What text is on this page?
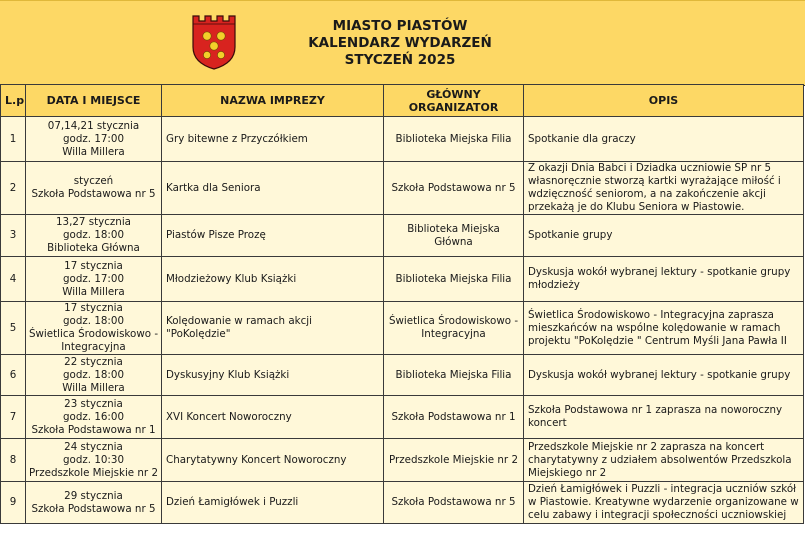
MIASTO PIASTÓW
KALENDARZ WYDARZEŃ
STYCZEŃ 2025
L.p	DATA I MIEJSCE	NAZWA IMPREZY	GŁÓWNY ORGANIZATOR	OPIS
1	07,14,21 stycznia
godz. 17:00
Willa Millera	Gry bitewne z Przyczółkiem	Biblioteka Miejska Filia	Spotkanie dla graczy
2	styczeń
Szkoła Podstawowa nr 5	Kartka dla Seniora	Szkoła Podstawowa nr 5	Z okazji Dnia Babci i Dziadka uczniowie SP nr 5 własnoręcznie stworzą kartki wyrażające miłość i wdzięczność seniorom, a na zakończenie akcji przekażą je do Klubu Seniora w Piastowie.
3	13,27 stycznia
godz. 18:00
Biblioteka Główna	Piastów Pisze Prozę	Biblioteka Miejska Główna	Spotkanie grupy
4	17 stycznia
godz. 17:00
Willa Millera	Młodzieżowy Klub Książki	Biblioteka Miejska Filia	Dyskusja wokół wybranej lektury - spotkanie grupy młodzieży
5	17 stycznia
godz. 18:00
Świetlica Środowiskowo -
Integracyjna	Kolędowanie w ramach akcji "PoKolędzie"	Świetlica Środowiskowo -
Integracyjna	Świetlica Środowiskowo - Integracyjna zaprasza mieszkańców na wspólne kolędowanie w ramach projektu "PoKolędzie " Centrum Myśli Jana Pawła II
6	22 stycznia
godz. 18:00
Willa Millera	Dyskusyjny Klub Książki	Biblioteka Miejska Filia	Dyskusja wokół wybranej lektury - spotkanie grupy
7	23 stycznia
godz. 16:00
Szkoła Podstawowa nr 1	XVI Koncert Noworoczny	Szkoła Podstawowa nr 1	Szkoła Podstawowa nr 1 zaprasza na noworoczny koncert
8	24 stycznia
godz. 10:30
Przedszkole Miejskie nr 2	Charytatywny Koncert Noworoczny	Przedszkole Miejskie nr 2	Przedszkole Miejskie nr 2 zaprasza na koncert charytatywny z udziałem absolwentów Przedszkola Miejskiego nr 2
9	29 stycznia
Szkoła Podstawowa nr 5	Dzień Łamigłówek i Puzzli	Szkoła Podstawowa nr 5	Dzień Łamigłówek i Puzzli - integracja uczniów szkół w Piastowie. Kreatywne wydarzenie organizowane w celu zabawy i integracji społeczności uczniowskiej
